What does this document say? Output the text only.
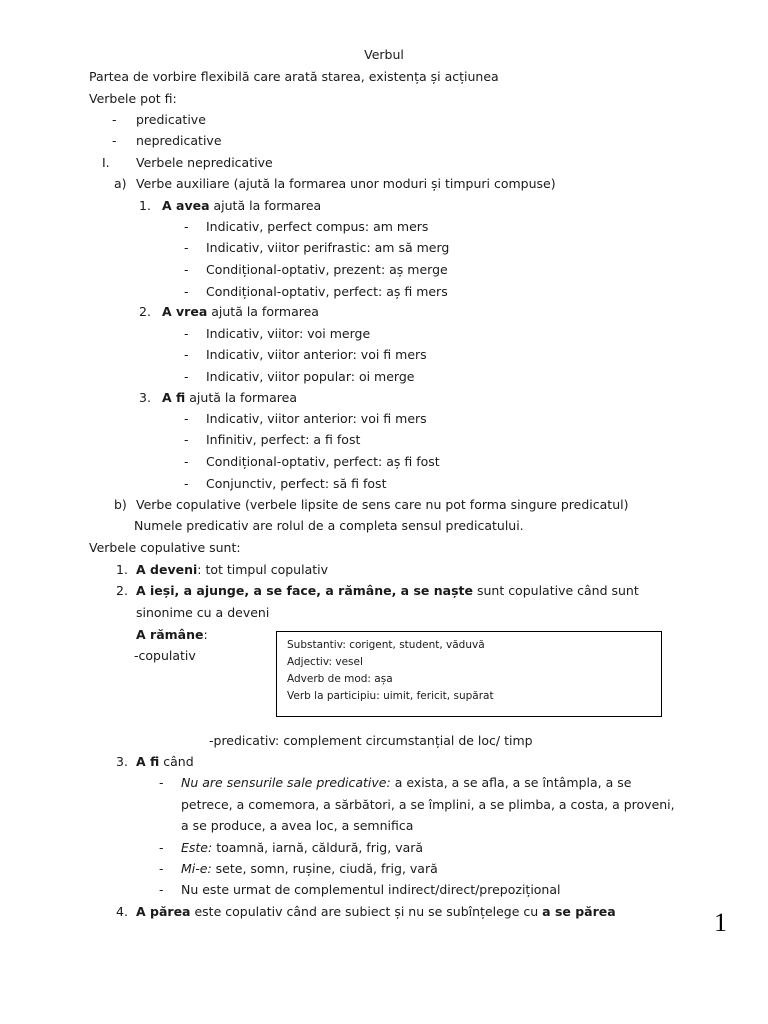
Verbul
Partea de vorbire flexibilă care arată starea, existența și acțiunea
Verbele pot fi:
- predicative
- nepredicative
I. Verbele nepredicative
a) Verbe auxiliare (ajută la formarea unor moduri și timpuri compuse)
1. A avea ajută la formarea
- Indicativ, perfect compus: am mers
- Indicativ, viitor perifrastic: am să merg
- Condițional-optativ, prezent: aș merge
- Condițional-optativ, perfect: aș fi mers
2. A vrea ajută la formarea
- Indicativ, viitor: voi merge
- Indicativ, viitor anterior: voi fi mers
- Indicativ, viitor popular: oi merge
3. A fi ajută la formarea
- Indicativ, viitor anterior: voi fi mers
- Infinitiv, perfect: a fi fost
- Condițional-optativ, perfect: aș fi fost
- Conjunctiv, perfect: să fi fost
b) Verbe copulative (verbele lipsite de sens care nu pot forma singure predicatul)
Numele predicativ are rolul de a completa sensul predicatului.
Verbele copulative sunt:
1. A deveni: tot timpul copulativ
2. A ieși, a ajunge, a se face, a rămâne, a se naște sunt copulative când sunt
sinonime cu a deveni
A rămâne:
-copulativ
Substantiv: corigent, student, văduvă
Adjectiv: vesel
Adverb de mod: așa
Verb la participiu: uimit, fericit, supărat
-predicativ: complement circumstanțial de loc/ timp
3. A fi când
- Nu are sensurile sale predicative: a exista, a se afla, a se întâmpla, a se
petrece, a comemora, a sărbători, a se împlini, a se plimba, a costa, a proveni,
a se produce, a avea loc, a semnifica
- Este: toamnă, iarnă, căldură, frig, vară
- Mi-e: sete, somn, rușine, ciudă, frig, vară
- Nu este urmat de complementul indirect/direct/prepozițional
4. A părea este copulativ când are subiect și nu se subînțelege cu a se părea	1
